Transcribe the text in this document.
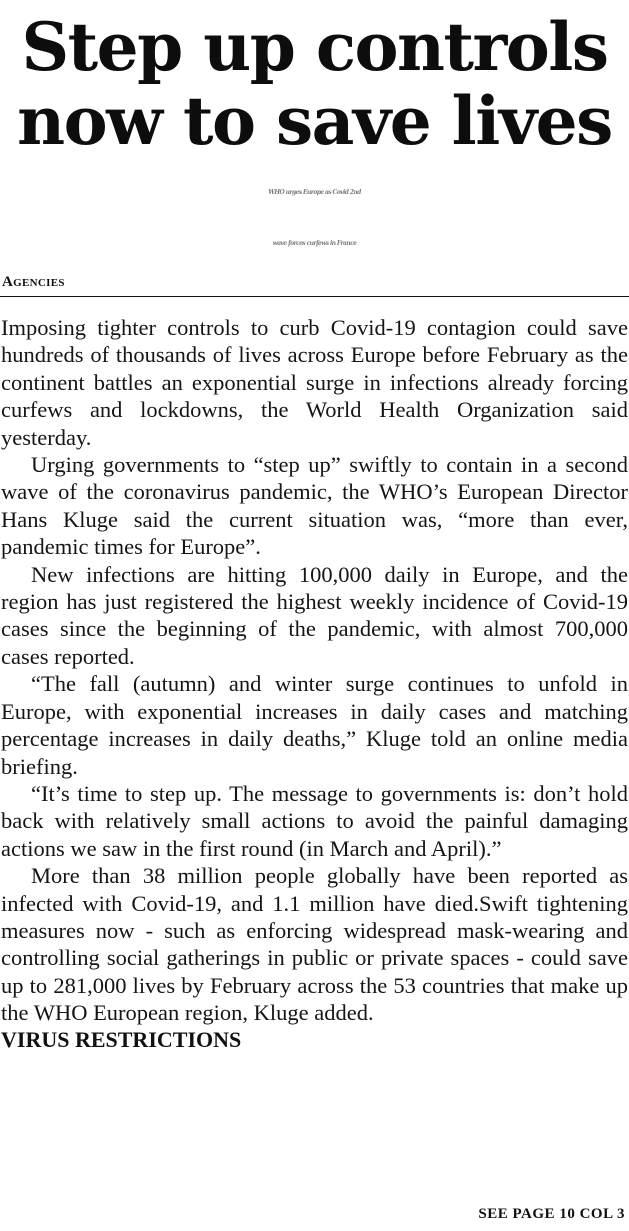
Step up controls
now to save lives
WHO urges Europe as Covid 2nd
wave forces curfews in France
Agencies

Imposing tighter controls to curb Covid-19 contagion could save hundreds of thousands of lives across Europe before February as the continent battles an exponential surge in infections already forcing curfews and lockdowns, the World Health Organization said yesterday.

Urging governments to “step up” swiftly to contain in a second wave of the coronavirus pandemic, the WHO’s European Director Hans Kluge said the current situation was, “more than ever, pandemic times for Europe”.

New infections are hitting 100,000 daily in Europe, and the region has just registered the highest weekly incidence of Covid-19 cases since the beginning of the pandemic, with almost 700,000 cases reported.

“The fall (autumn) and winter surge continues to unfold in Europe, with exponential increases in daily cases and matching percentage increases in daily deaths,” Kluge told an online media briefing.

“It’s time to step up. The message to governments is: don’t hold back with relatively small actions to avoid the painful damaging actions we saw in the first round (in March and April).”

More than 38 million people globally have been reported as infected with Covid-19, and 1.1 million have died.Swift tightening measures now - such as enforcing widespread mask-wearing and controlling social gatherings in public or private spaces - could save up to 281,000 lives by February across the 53 countries that make up the WHO European region, Kluge added.

VIRUS RESTRICTIONS
SEE PAGE 10 COL 3
